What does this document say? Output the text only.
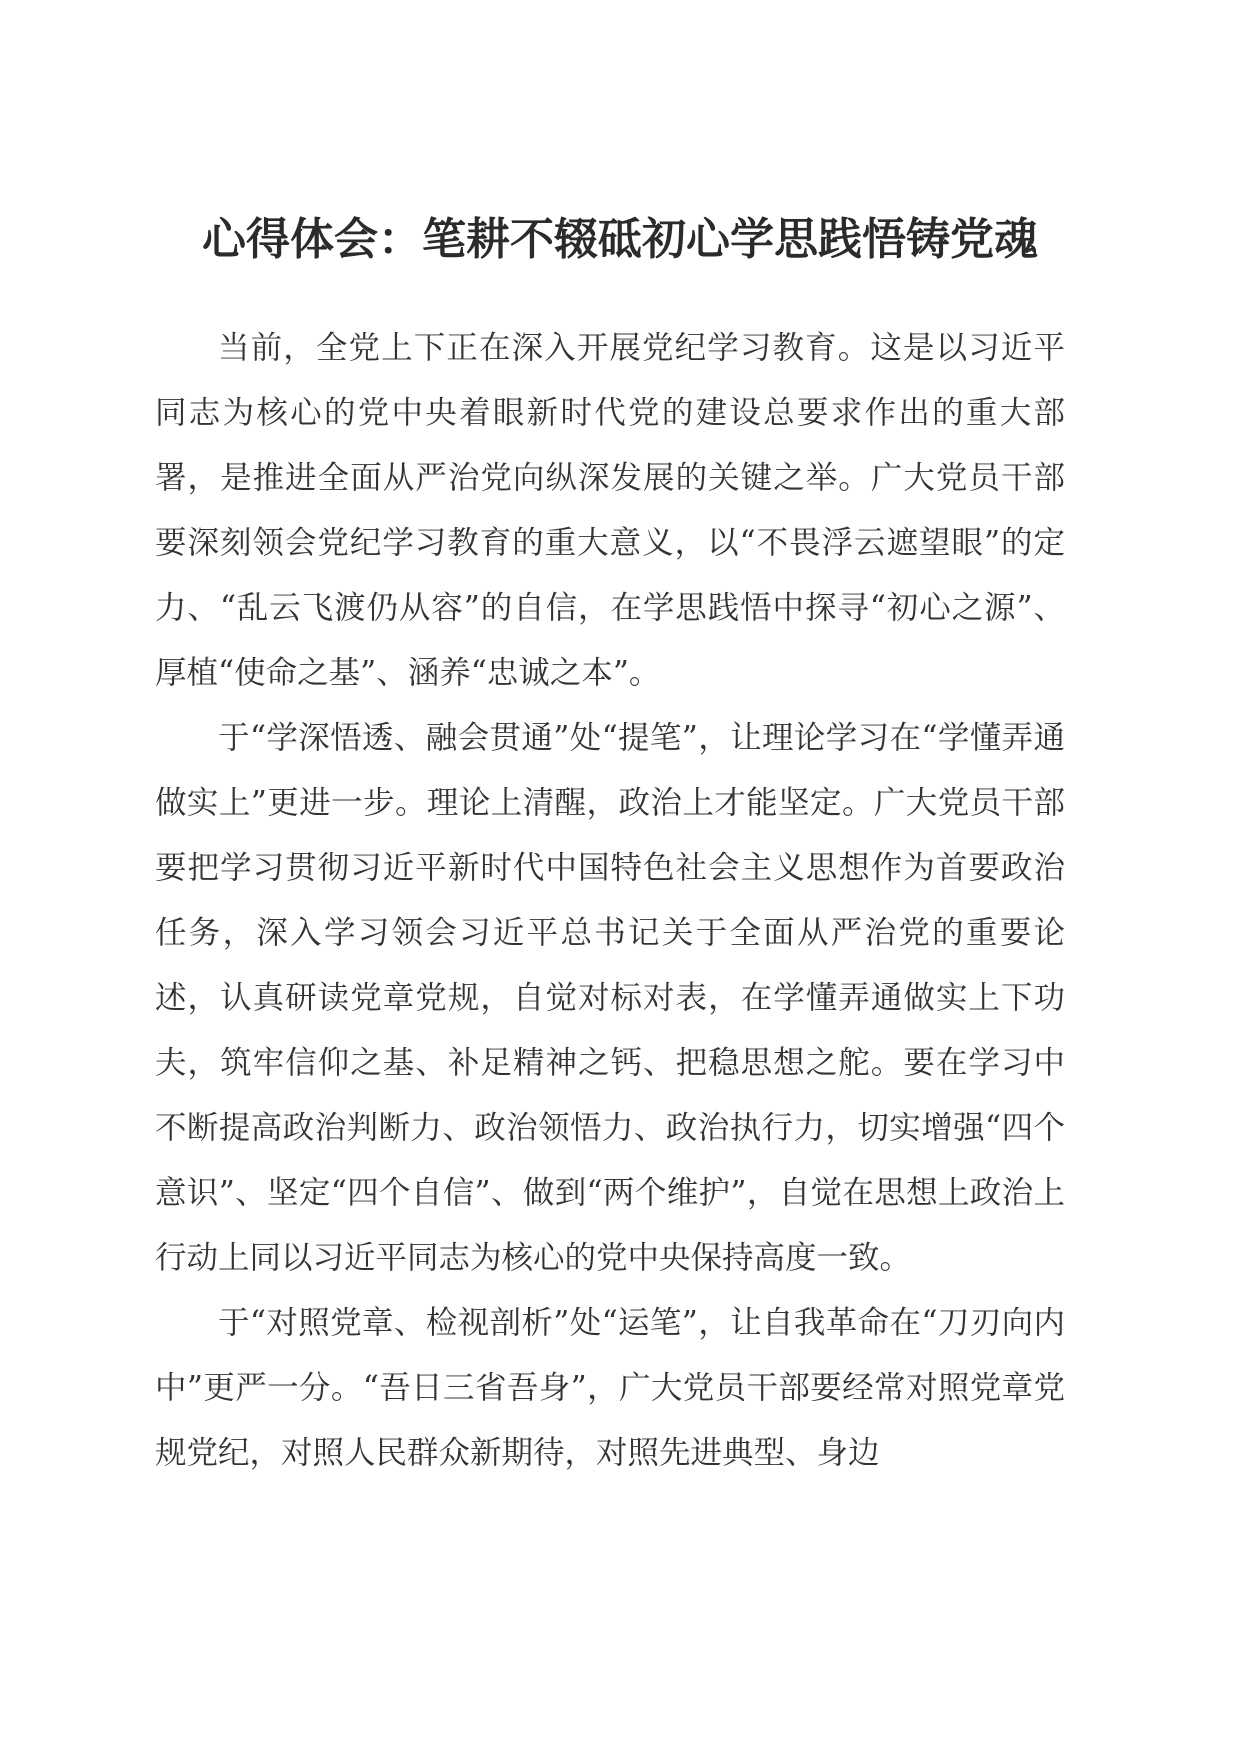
心得体会：笔耕不辍砥初心学思践悟铸党魂

当前，全党上下正在深入开展党纪学习教育。这是以习近平同志为核心的党中央着眼新时代党的建设总要求作出的重大部署，是推进全面从严治党向纵深发展的关键之举。广大党员干部要深刻领会党纪学习教育的重大意义，以“不畏浮云遮望眼”的定力、“乱云飞渡仍从容”的自信，在学思践悟中探寻“初心之源”、厚植“使命之基”、涵养“忠诚之本”。

于“学深悟透、融会贯通”处“提笔”，让理论学习在“学懂弄通做实上”更进一步。理论上清醒，政治上才能坚定。广大党员干部要把学习贯彻习近平新时代中国特色社会主义思想作为首要政治任务，深入学习领会习近平总书记关于全面从严治党的重要论述，认真研读党章党规，自觉对标对表，在学懂弄通做实上下功夫，筑牢信仰之基、补足精神之钙、把稳思想之舵。要在学习中不断提高政治判断力、政治领悟力、政治执行力，切实增强“四个意识”、坚定“四个自信”、做到“两个维护”，自觉在思想上政治上行动上同以习近平同志为核心的党中央保持高度一致。

于“对照党章、检视剖析”处“运笔”，让自我革命在“刀刃向内中”更严一分。“吾日三省吾身”，广大党员干部要经常对照党章党规党纪，对照人民群众新期待，对照先进典型、身边
